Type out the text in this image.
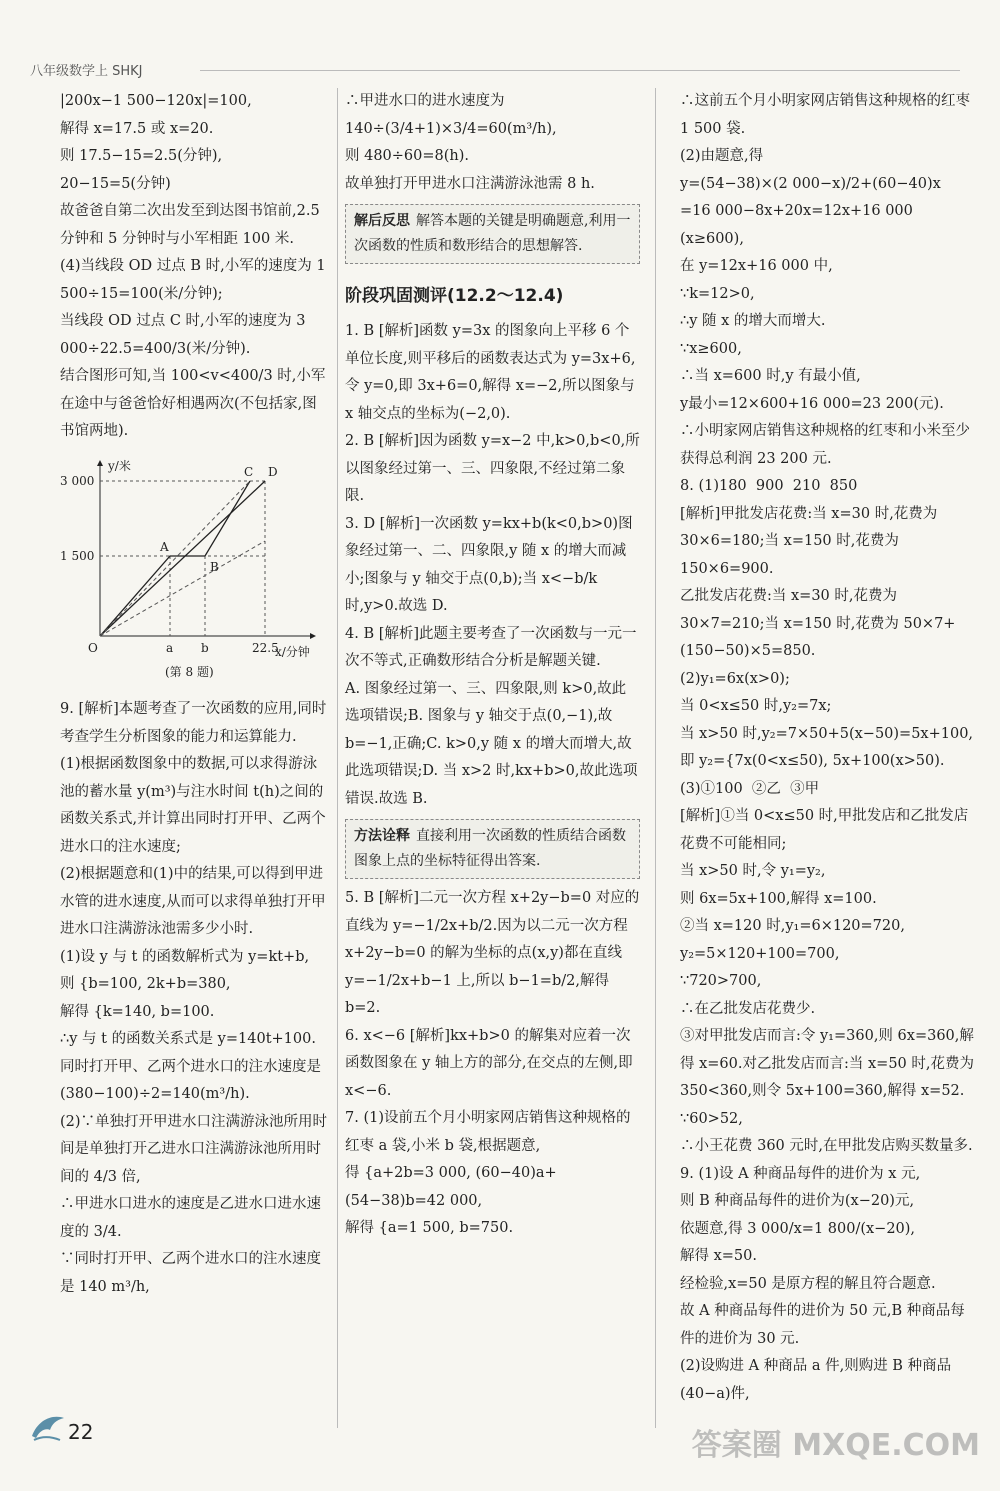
八年级数学上 SHKJ

|200x−1 500−120x|=100,

解得 x=17.5 或 x=20.

则 17.5−15=2.5(分钟),

20−15=5(分钟)

故爸爸自第二次出发至到达图书馆前,2.5 分钟和 5 分钟时与小军相距 100 米.

(4)当线段 OD 过点 B 时,小军的速度为 1 500÷15=100(米/分钟);

当线段 OD 过点 C 时,小军的速度为 3 000÷22.5=400/3(米/分钟).

结合图形可知,当 100<v<400/3 时,小军在途中与爸爸恰好相遇两次(不包括家,图书馆两地).

y/米
x/分钟
3 000
1 500
O	a b	22.5
A
B
C D
(第 8 题)

9. [解析]本题考查了一次函数的应用,同时考查学生分析图象的能力和运算能力.

(1)根据函数图象中的数据,可以求得游泳池的蓄水量 y(m³)与注水时间 t(h)之间的函数关系式,并计算出同时打开甲、乙两个进水口的注水速度;

(2)根据题意和(1)中的结果,可以得到甲进水管的进水速度,从而可以求得单独打开甲进水口注满游泳池需多少小时.

(1)设 y 与 t 的函数解析式为 y=kt+b,

则 {b=100, 2k+b=380,

解得 {k=140, b=100.

∴y 与 t 的函数关系式是 y=140t+100.

同时打开甲、乙两个进水口的注水速度是(380−100)÷2=140(m³/h).

(2)∵单独打开甲进水口注满游泳池所用时间是单独打开乙进水口注满游泳池所用时间的 4/3 倍,

∴甲进水口进水的速度是乙进水口进水速度的 3/4.

∵同时打开甲、乙两个进水口的注水速度是 140 m³/h,

∴甲进水口的进水速度为 140÷(3/4+1)×3/4=60(m³/h),

则 480÷60=8(h).

故单独打开甲进水口注满游泳池需 8 h.

解后反思 解答本题的关键是明确题意,利用一次函数的性质和数形结合的思想解答.
阶段巩固测评(12.2～12.4)

1. B [解析]函数 y=3x 的图象向上平移 6 个单位长度,则平移后的函数表达式为 y=3x+6,令 y=0,即 3x+6=0,解得 x=−2,所以图象与 x 轴交点的坐标为(−2,0).

2. B [解析]因为函数 y=x−2 中,k>0,b<0,所以图象经过第一、三、四象限,不经过第二象限.

3. D [解析]一次函数 y=kx+b(k<0,b>0)图象经过第一、二、四象限,y 随 x 的增大而减小;图象与 y 轴交于点(0,b);当 x<−b/k 时,y>0.故选 D.

4. B [解析]此题主要考查了一次函数与一元一次不等式,正确数形结合分析是解题关键.

A. 图象经过第一、三、四象限,则 k>0,故此选项错误;B. 图象与 y 轴交于点(0,−1),故 b=−1,正确;C. k>0,y 随 x 的增大而增大,故此选项错误;D. 当 x>2 时,kx+b>0,故此选项错误.故选 B.

方法诠释 直接利用一次函数的性质结合函数图象上点的坐标特征得出答案.

5. B [解析]二元一次方程 x+2y−b=0 对应的直线为 y=−1/2x+b/2.因为以二元一次方程 x+2y−b=0 的解为坐标的点(x,y)都在直线 y=−1/2x+b−1 上,所以 b−1=b/2,解得 b=2.

6. x<−6 [解析]kx+b>0 的解集对应着一次函数图象在 y 轴上方的部分,在交点的左侧,即 x<−6.

7. (1)设前五个月小明家网店销售这种规格的红枣 a 袋,小米 b 袋,根据题意,

得 {a+2b=3 000, (60−40)a+(54−38)b=42 000,

解得 {a=1 500, b=750.

∴这前五个月小明家网店销售这种规格的红枣 1 500 袋.

(2)由题意,得

y=(54−38)×(2 000−x)/2+(60−40)x

=16 000−8x+20x=12x+16 000 (x≥600),

在 y=12x+16 000 中,

∵k=12>0,

∴y 随 x 的增大而增大.

∵x≥600,

∴当 x=600 时,y 有最小值,

y最小=12×600+16 000=23 200(元).

∴小明家网店销售这种规格的红枣和小米至少获得总利润 23 200 元.

8. (1)180  900  210  850

[解析]甲批发店花费:当 x=30 时,花费为 30×6=180;当 x=150 时,花费为 150×6=900.

乙批发店花费:当 x=30 时,花费为 30×7=210;当 x=150 时,花费为 50×7+(150−50)×5=850.

(2)y₁=6x(x>0);

当 0<x≤50 时,y₂=7x;

当 x>50 时,y₂=7×50+5(x−50)=5x+100,

即 y₂={7x(0<x≤50), 5x+100(x>50).

(3)①100  ②乙  ③甲

[解析]①当 0<x≤50 时,甲批发店和乙批发店花费不可能相同;

当 x>50 时,令 y₁=y₂,

则 6x=5x+100,解得 x=100.

②当 x=120 时,y₁=6×120=720,

y₂=5×120+100=700,

∵720>700,

∴在乙批发店花费少.

③对甲批发店而言:令 y₁=360,则 6x=360,解得 x=60.对乙批发店而言:当 x=50 时,花费为 350<360,则令 5x+100=360,解得 x=52.

∵60>52,

∴小王花费 360 元时,在甲批发店购买数量多.

9. (1)设 A 种商品每件的进价为 x 元,

则 B 种商品每件的进价为(x−20)元,

依题意,得 3 000/x=1 800/(x−20),

解得 x=50.

经检验,x=50 是原方程的解且符合题意.

故 A 种商品每件的进价为 50 元,B 种商品每件的进价为 30 元.

(2)设购进 A 种商品 a 件,则购进 B 种商品(40−a)件,

22	答案圈 MXQE.COM
